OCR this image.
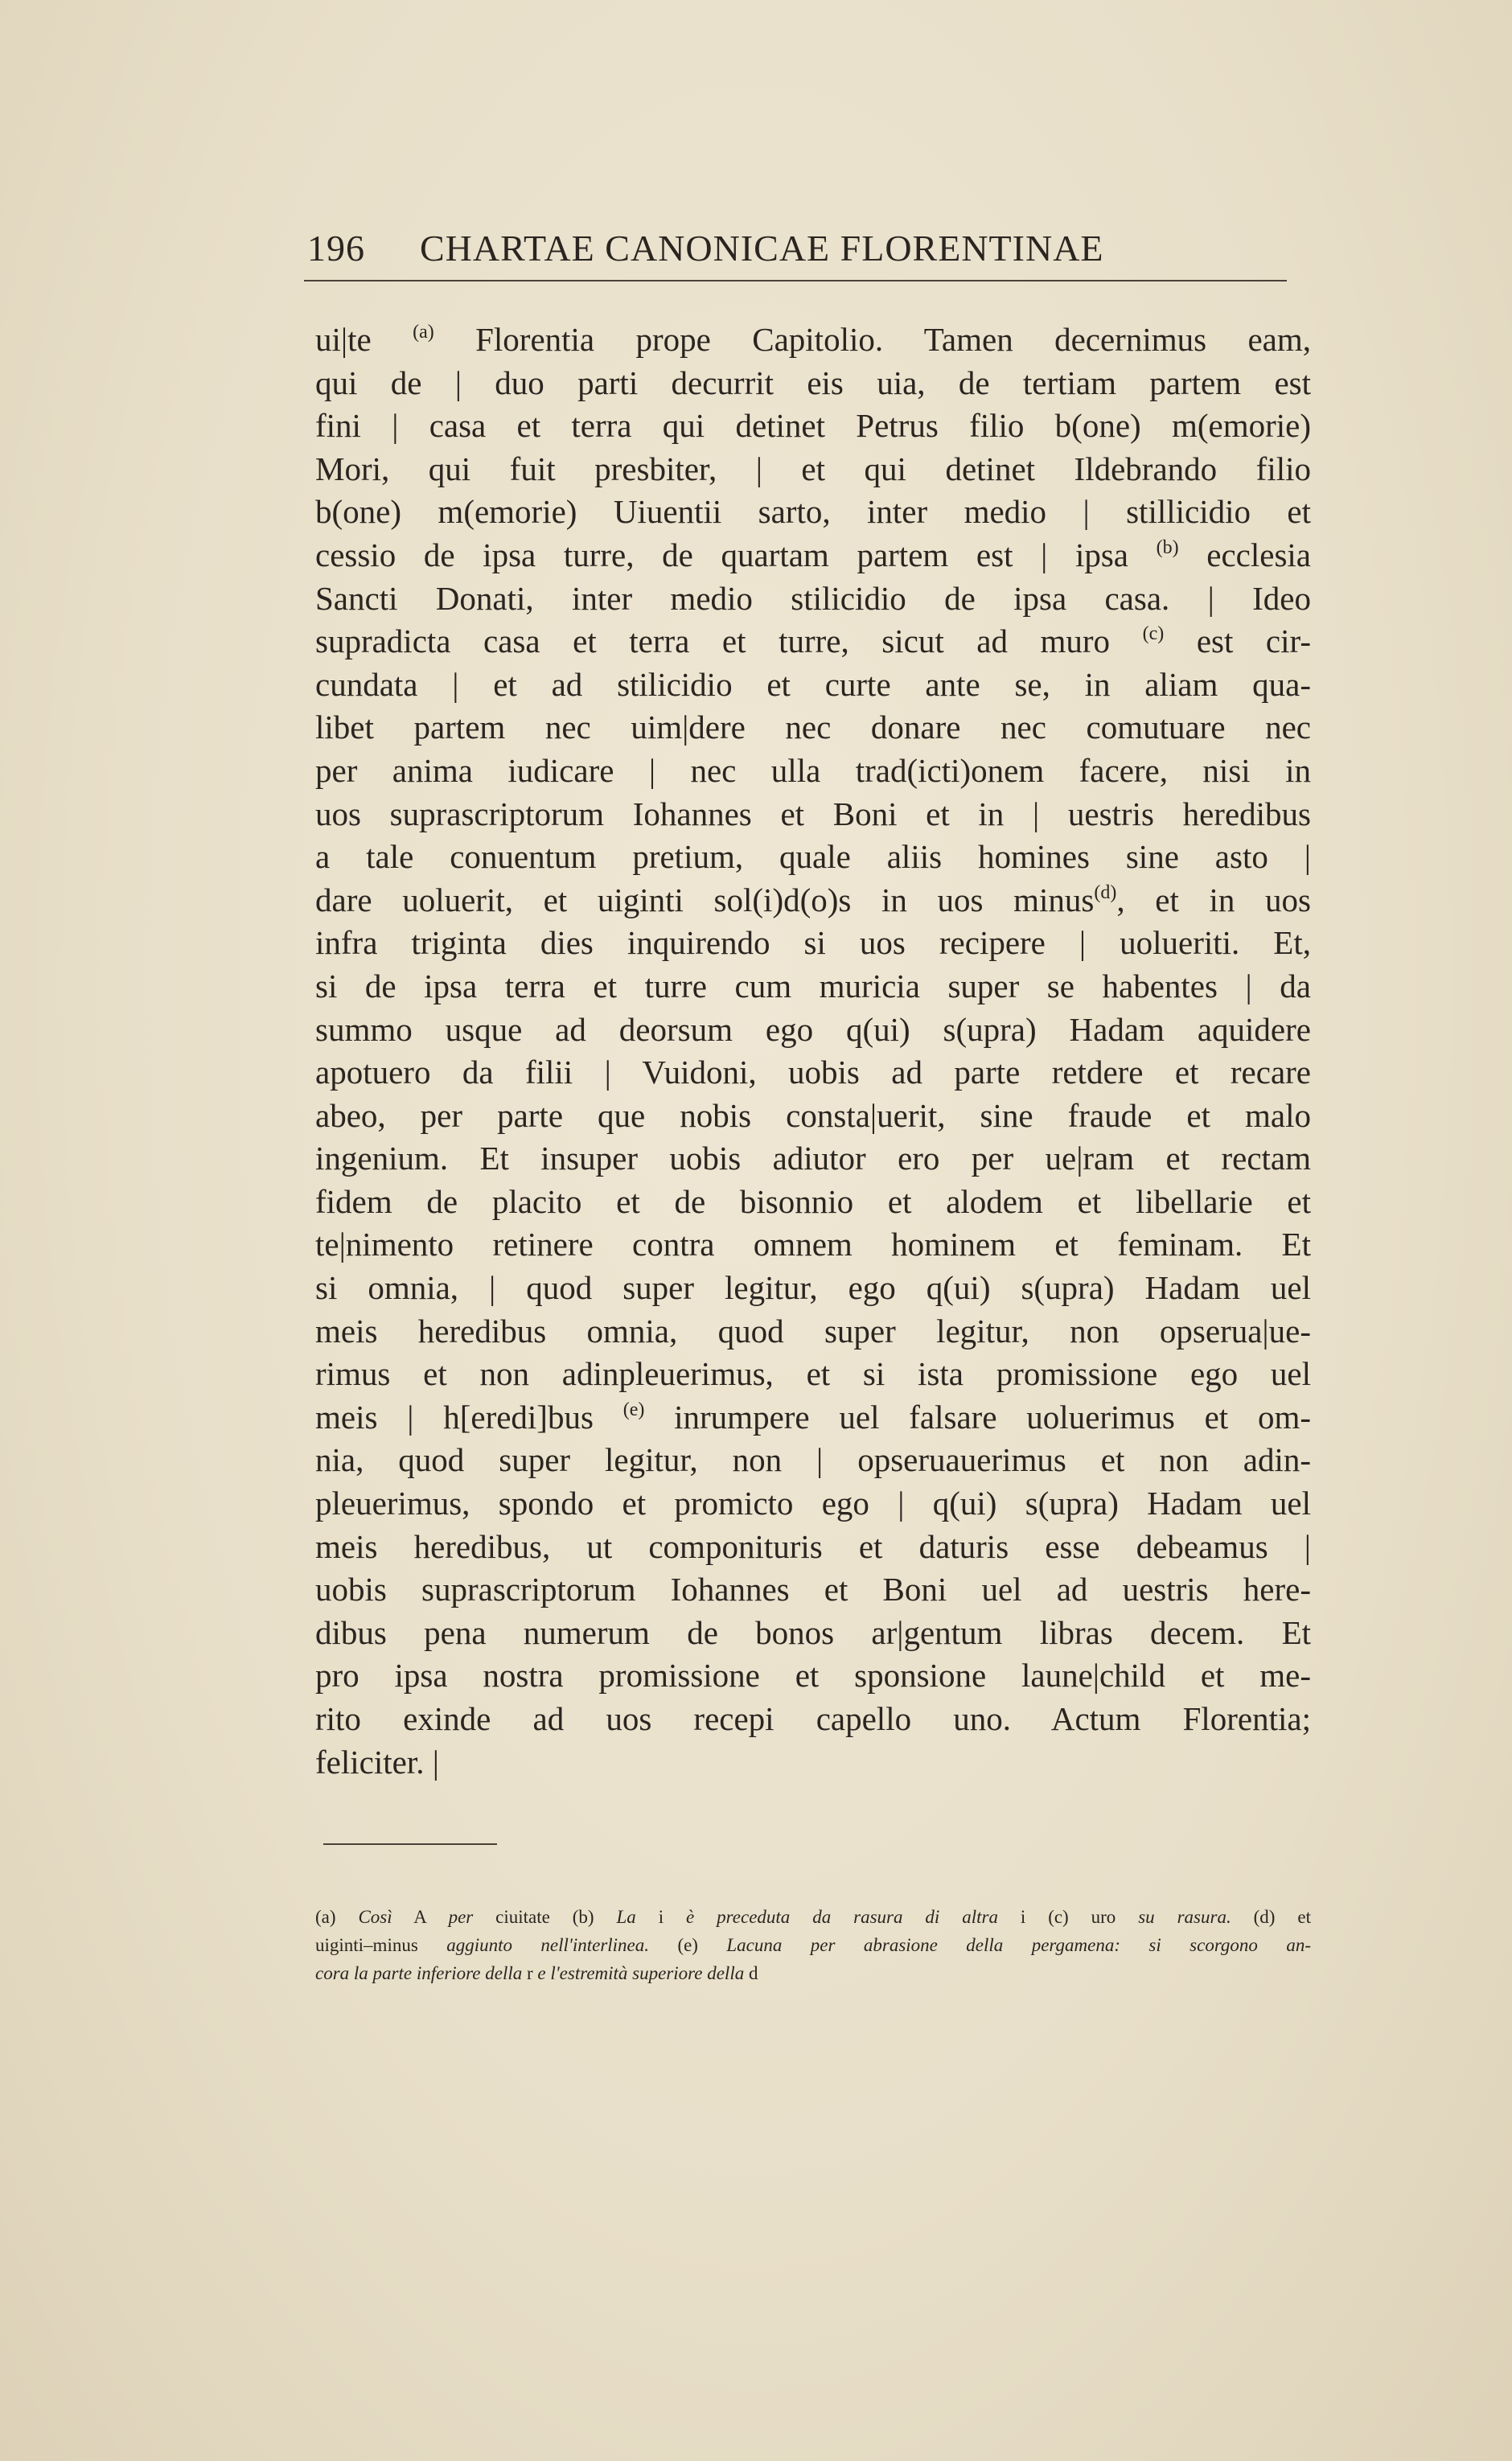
196 CHARTAE CANONICAE FLORENTINAE
ui|te $^{(a)}$ Florentia prope Capitolio. Tamen decernimus eam,
qui de | duo parti decurrit eis uia, de tertiam partem est
fini | casa et terra qui detinet Petrus filio b(one) m(emorie)
Mori, qui fuit presbiter, | et qui detinet Ildebrando filio
b(one) m(emorie) Uiuentii sarto, inter medio | stillicidio et
cessio de ipsa turre, de quartam partem est | ipsa $^{(b)}$ ecclesia
Sancti Donati, inter medio stilicidio de ipsa casa. | Ideo
supradicta casa et terra et turre, sicut ad muro $^{(c)}$ est cir-
cundata | et ad stilicidio et curte ante se, in aliam qua-
libet partem nec uim|dere nec donare nec comutuare nec
per anima iudicare | nec ulla trad(icti)onem facere, nisi in
uos suprascriptorum Iohannes et Boni et in | uestris heredibus
a tale conuentum pretium, quale aliis homines sine asto |
dare uoluerit, et uiginti sol(i)d(o)s in uos minus$^{(d)}$, et in uos
infra triginta dies inquirendo si uos recipere | uolueriti. Et,
si de ipsa terra et turre cum muricia super se habentes | da
summo usque ad deorsum ego q(ui) s(upra) Hadam aquidere
apotuero da filii | Vuidoni, uobis ad parte retdere et recare
abeo, per parte que nobis consta|uerit, sine fraude et malo
ingenium. Et insuper uobis adiutor ero per ue|ram et rectam
fidem de placito et de bisonnio et alodem et libellarie et
te|nimento retinere contra omnem hominem et feminam. Et
si omnia, | quod super legitur, ego q(ui) s(upra) Hadam uel
meis heredibus omnia, quod super legitur, non opserua|ue-
rimus et non adinpleuerimus, et si ista promissione ego uel
meis | h[eredi]bus $^{(e)}$ inrumpere uel falsare uoluerimus et om-
nia, quod super legitur, non | opseruauerimus et non adin-
pleuerimus, spondo et promicto ego | q(ui) s(upra) Hadam uel
meis heredibus, ut componituris et daturis esse debeamus |
uobis suprascriptorum Iohannes et Boni uel ad uestris here-
dibus pena numerum de bonos ar|gentum libras decem. Et
pro ipsa nostra promissione et sponsione laune|child et me-
rito exinde ad uos recepi capello uno. Actum Florentia;
feliciter. |
(a) Così A per ciuitate (b) La i è preceduta da rasura di altra i (c) uro su rasura. (d) et
uiginti–minus aggiunto nell'interlinea. (e) Lacuna per abrasione della pergamena: si scorgono an-
cora la parte inferiore della r e l'estremità superiore della d
